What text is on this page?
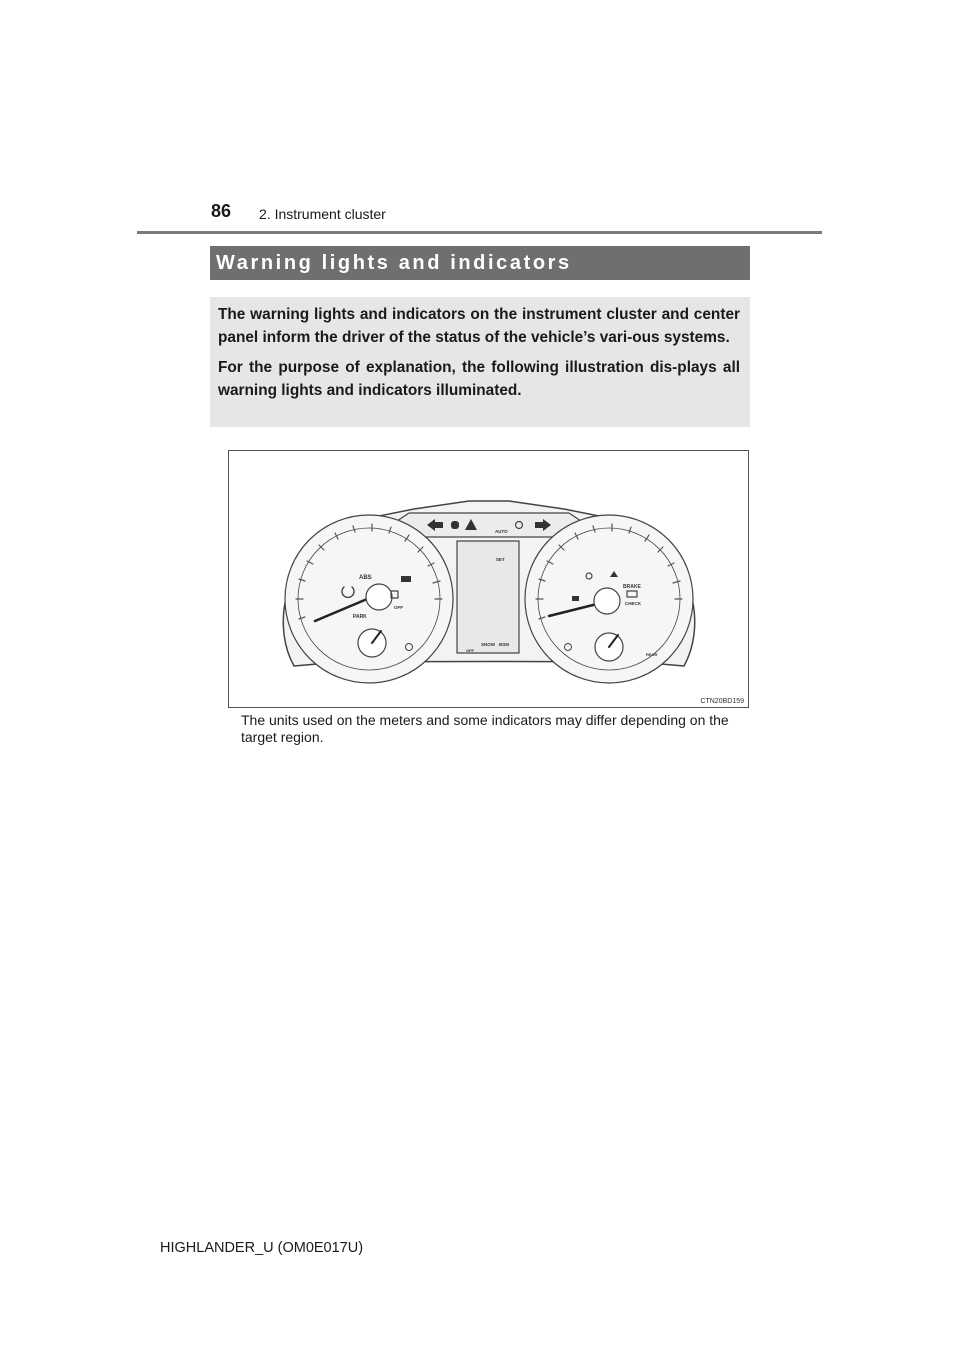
86 2. Instrument cluster
Warning lights and indicators

The warning lights and indicators on the instrument cluster and center panel inform the driver of the status of the vehicle’s vari-ous systems.

For the purpose of explanation, the following illustration dis-plays all warning lights and indicators illuminated.

ABS
PARK
OFF
AUTO
SET
BRAKE
CHECK
SNOW BSM
OFF
REAR
CTN20BD159
The units used on the meters and some indicators may differ depending on the target region.
HIGHLANDER_U (OM0E017U)
